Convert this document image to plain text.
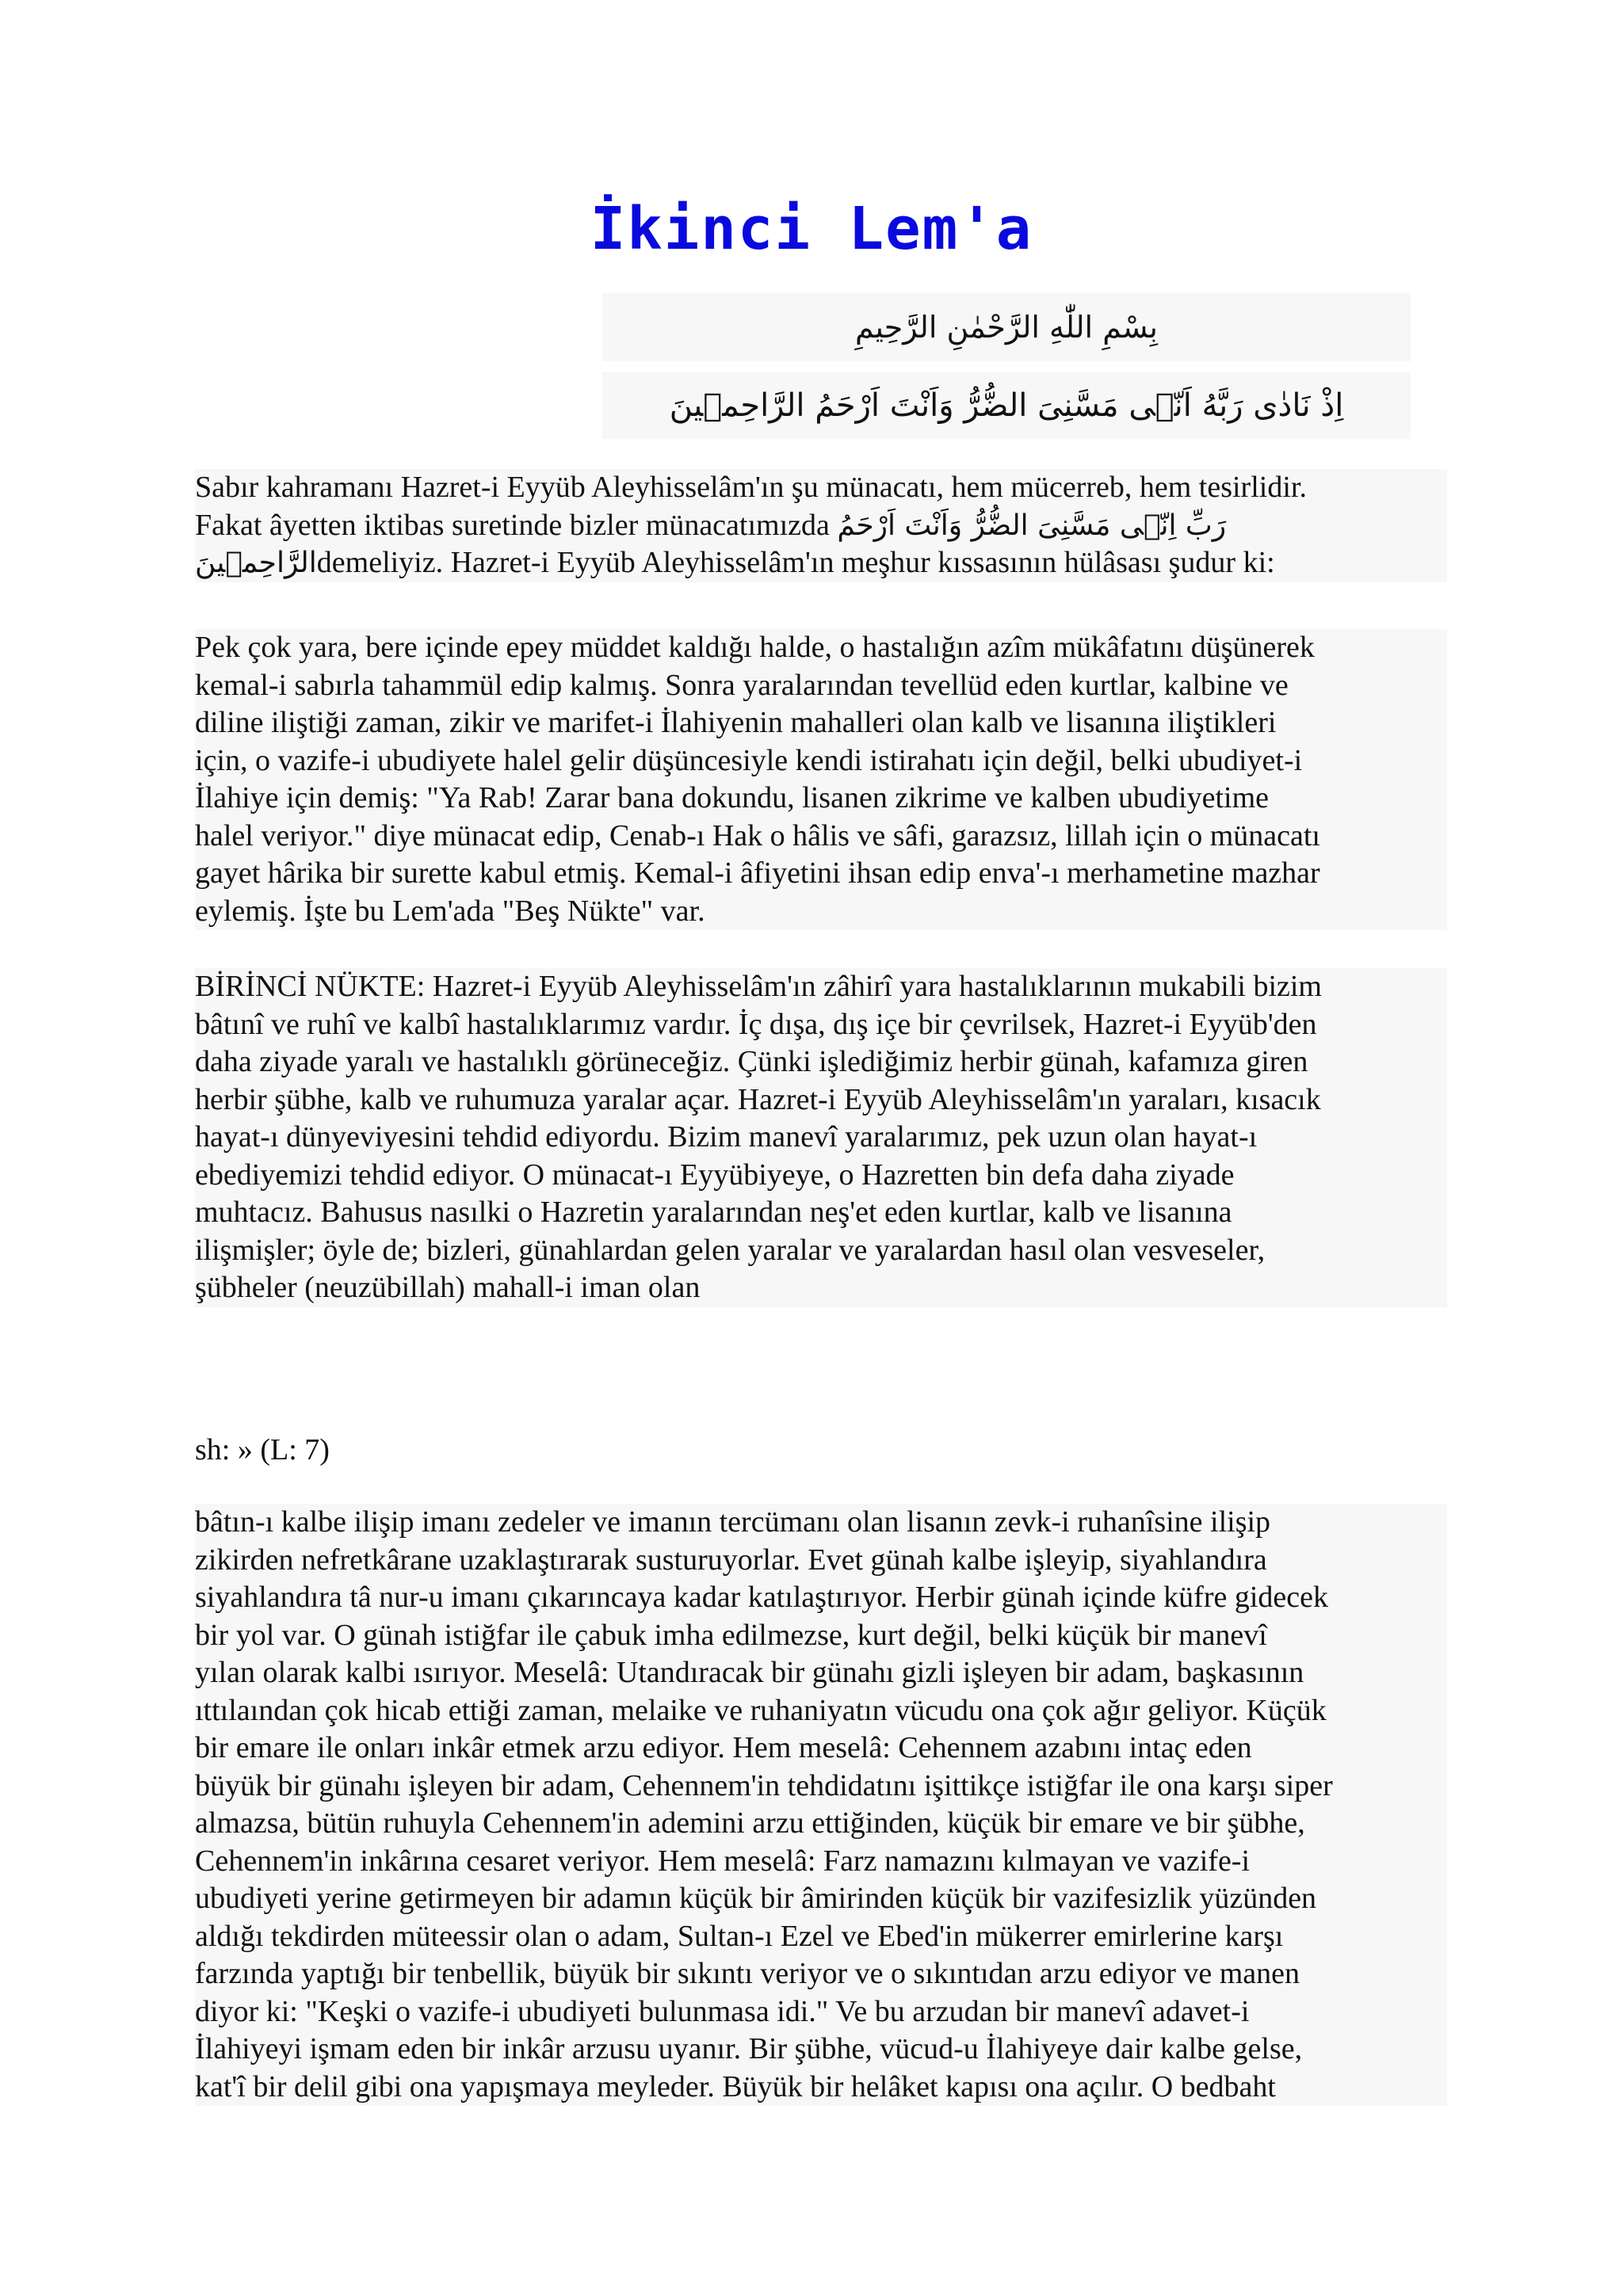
İkinci Lem'a
بِسْمِ اللّٰهِ الرَّحْمٰنِ الرَّحِيمِ
اِذْ نَادٰى رَبَّهُ اَنّ۪ى مَسَّنِىَ الضُّرُّ وَاَنْتَ اَرْحَمُ الرَّاحِم۪ينَ
Sabır kahramanı Hazret-i Eyyüb Aleyhisselâm'ın şu münacatı, hem mücerreb, hem tesirlidir.
Fakat âyetten iktibas suretinde bizler münacatımızda رَبِّ اِنّ۪ى مَسَّنِىَ الضُّرُّ وَاَنْتَ اَرْحَمُ
الرَّاحِم۪ينَdemeliyiz. Hazret-i Eyyüb Aleyhisselâm'ın meşhur kıssasının hülâsası şudur ki:

Pek çok yara, bere içinde epey müddet kaldığı halde, o hastalığın azîm mükâfatını düşünerek
kemal-i sabırla tahammül edip kalmış. Sonra yaralarından tevellüd eden kurtlar, kalbine ve
diline iliştiği zaman, zikir ve marifet-i İlahiyenin mahalleri olan kalb ve lisanına iliştikleri
için, o vazife-i ubudiyete halel gelir düşüncesiyle kendi istirahatı için değil, belki ubudiyet-i
İlahiye için demiş: "Ya Rab! Zarar bana dokundu, lisanen zikrime ve kalben ubudiyetime
halel veriyor." diye münacat edip, Cenab-ı Hak o hâlis ve sâfi, garazsız, lillah için o münacatı
gayet hârika bir surette kabul etmiş. Kemal-i âfiyetini ihsan edip enva'-ı merhametine mazhar
eylemiş. İşte bu Lem'ada "Beş Nükte" var.

BİRİNCİ NÜKTE: Hazret-i Eyyüb Aleyhisselâm'ın zâhirî yara hastalıklarının mukabili bizim
bâtınî ve ruhî ve kalbî hastalıklarımız vardır. İç dışa, dış içe bir çevrilsek, Hazret-i Eyyüb'den
daha ziyade yaralı ve hastalıklı görüneceğiz. Çünki işlediğimiz herbir günah, kafamıza giren
herbir şübhe, kalb ve ruhumuza yaralar açar. Hazret-i Eyyüb Aleyhisselâm'ın yaraları, kısacık
hayat-ı dünyeviyesini tehdid ediyordu. Bizim manevî yaralarımız, pek uzun olan hayat-ı
ebediyemizi tehdid ediyor. O münacat-ı Eyyübiyeye, o Hazretten bin defa daha ziyade
muhtacız. Bahusus nasılki o Hazretin yaralarından neş'et eden kurtlar, kalb ve lisanına
ilişmişler; öyle de; bizleri, günahlardan gelen yaralar ve yaralardan hasıl olan vesveseler,
şübheler (neuzübillah) mahall-i iman olan

sh: » (L: 7)

bâtın-ı kalbe ilişip imanı zedeler ve imanın tercümanı olan lisanın zevk-i ruhanîsine ilişip
zikirden nefretkârane uzaklaştırarak susturuyorlar. Evet günah kalbe işleyip, siyahlandıra
siyahlandıra tâ nur-u imanı çıkarıncaya kadar katılaştırıyor. Herbir günah içinde küfre gidecek
bir yol var. O günah istiğfar ile çabuk imha edilmezse, kurt değil, belki küçük bir manevî
yılan olarak kalbi ısırıyor. Meselâ: Utandıracak bir günahı gizli işleyen bir adam, başkasının
ıttılaından çok hicab ettiği zaman, melaike ve ruhaniyatın vücudu ona çok ağır geliyor. Küçük
bir emare ile onları inkâr etmek arzu ediyor. Hem meselâ: Cehennem azabını intaç eden
büyük bir günahı işleyen bir adam, Cehennem'in tehdidatını işittikçe istiğfar ile ona karşı siper
almazsa, bütün ruhuyla Cehennem'in ademini arzu ettiğinden, küçük bir emare ve bir şübhe,
Cehennem'in inkârına cesaret veriyor. Hem meselâ: Farz namazını kılmayan ve vazife-i
ubudiyeti yerine getirmeyen bir adamın küçük bir âmirinden küçük bir vazifesizlik yüzünden
aldığı tekdirden müteessir olan o adam, Sultan-ı Ezel ve Ebed'in mükerrer emirlerine karşı
farzında yaptığı bir tenbellik, büyük bir sıkıntı veriyor ve o sıkıntıdan arzu ediyor ve manen
diyor ki: "Keşki o vazife-i ubudiyeti bulunmasa idi." Ve bu arzudan bir manevî adavet-i
İlahiyeyi işmam eden bir inkâr arzusu uyanır. Bir şübhe, vücud-u İlahiyeye dair kalbe gelse,
kat'î bir delil gibi ona yapışmaya meyleder. Büyük bir helâket kapısı ona açılır. O bedbaht
